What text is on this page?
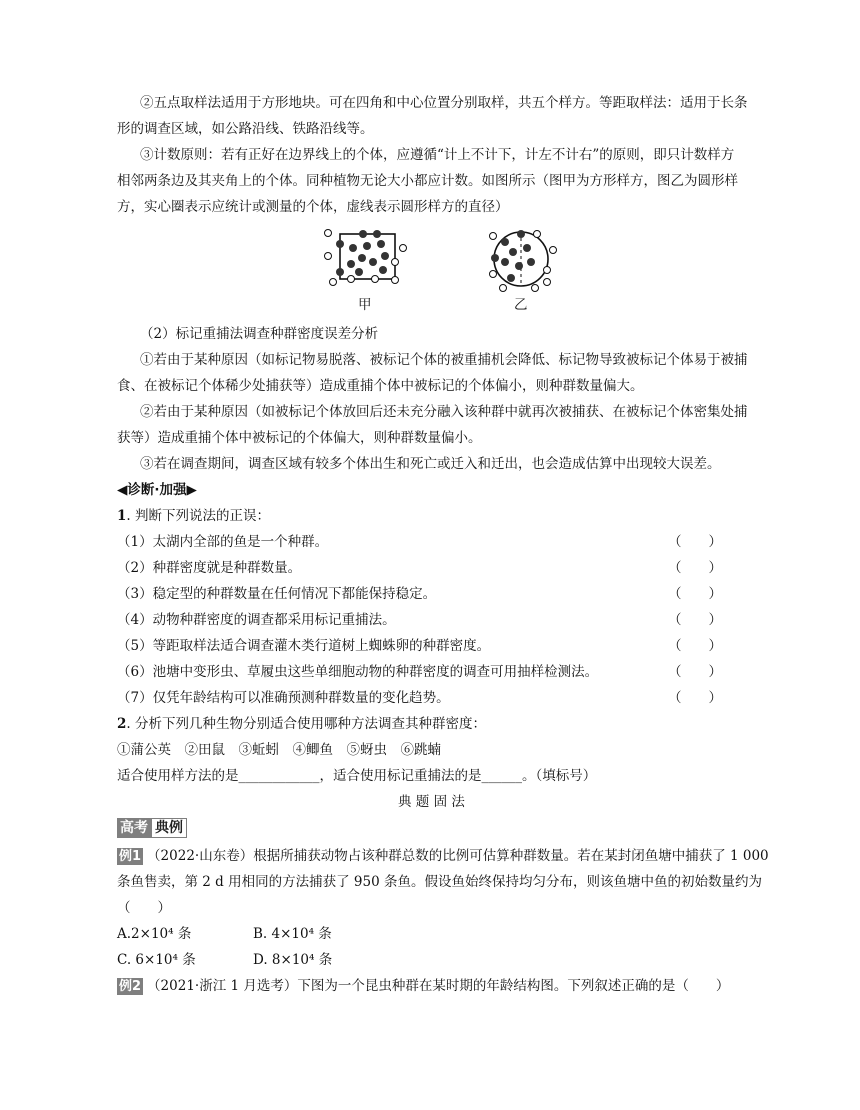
②五点取样法适用于方形地块。可在四角和中心位置分别取样，共五个样方。等距取样法：适用于长条
形的调查区域，如公路沿线、铁路沿线等。
③计数原则：若有正好在边界线上的个体，应遵循“计上不计下，计左不计右”的原则，即只计数样方
相邻两条边及其夹角上的个体。同种植物无论大小都应计数。如图所示（图甲为方形样方，图乙为圆形样
方，实心圈表示应统计或测量的个体，虚线表示圆形样方的直径）
甲	乙
（2）标记重捕法调查种群密度误差分析
①若由于某种原因（如标记物易脱落、被标记个体的被重捕机会降低、标记物导致被标记个体易于被捕
食、在被标记个体稀少处捕获等）造成重捕个体中被标记的个体偏小，则种群数量偏大。
②若由于某种原因（如被标记个体放回后还未充分融入该种群中就再次被捕获、在被标记个体密集处捕
获等）造成重捕个体中被标记的个体偏大，则种群数量偏小。
③若在调查期间，调查区域有较多个体出生和死亡或迁入和迁出，也会造成估算中出现较大误差。
◀诊断·加强▶
1. 判断下列说法的正误：
（1）太湖内全部的鱼是一个种群。	（　　）
（2）种群密度就是种群数量。	（　　）
（3）稳定型的种群数量在任何情况下都能保持稳定。	（　　）
（4）动物种群密度的调查都采用标记重捕法。	（　　）
（5）等距取样法适合调查灌木类行道树上蜘蛛卵的种群密度。	（　　）
（6）池塘中变形虫、草履虫这些单细胞动物的种群密度的调查可用抽样检测法。	（　　）
（7）仅凭年龄结构可以准确预测种群数量的变化趋势。	（　　）
2. 分析下列几种生物分别适合使用哪种方法调查其种群密度：
①蒲公英　②田鼠　③蚯蚓　④鲫鱼　⑤蚜虫　⑥跳蝻
适合使用样方法的是____________，适合使用标记重捕法的是______。（填标号）
典 题 固 法
高考 典例
例1 （2022·山东卷）根据所捕获动物占该种群总数的比例可估算种群数量。若在某封闭鱼塘中捕获了 1 000
条鱼售卖，第 2 d 用相同的方法捕获了 950 条鱼。假设鱼始终保持均匀分布，则该鱼塘中鱼的初始数量约为
（　　）
A.2×10⁴ 条	B. 4×10⁴ 条
C. 6×10⁴ 条	D. 8×10⁴ 条
例2 （2021·浙江 1 月选考）下图为一个昆虫种群在某时期的年龄结构图。下列叙述正确的是（　　）
